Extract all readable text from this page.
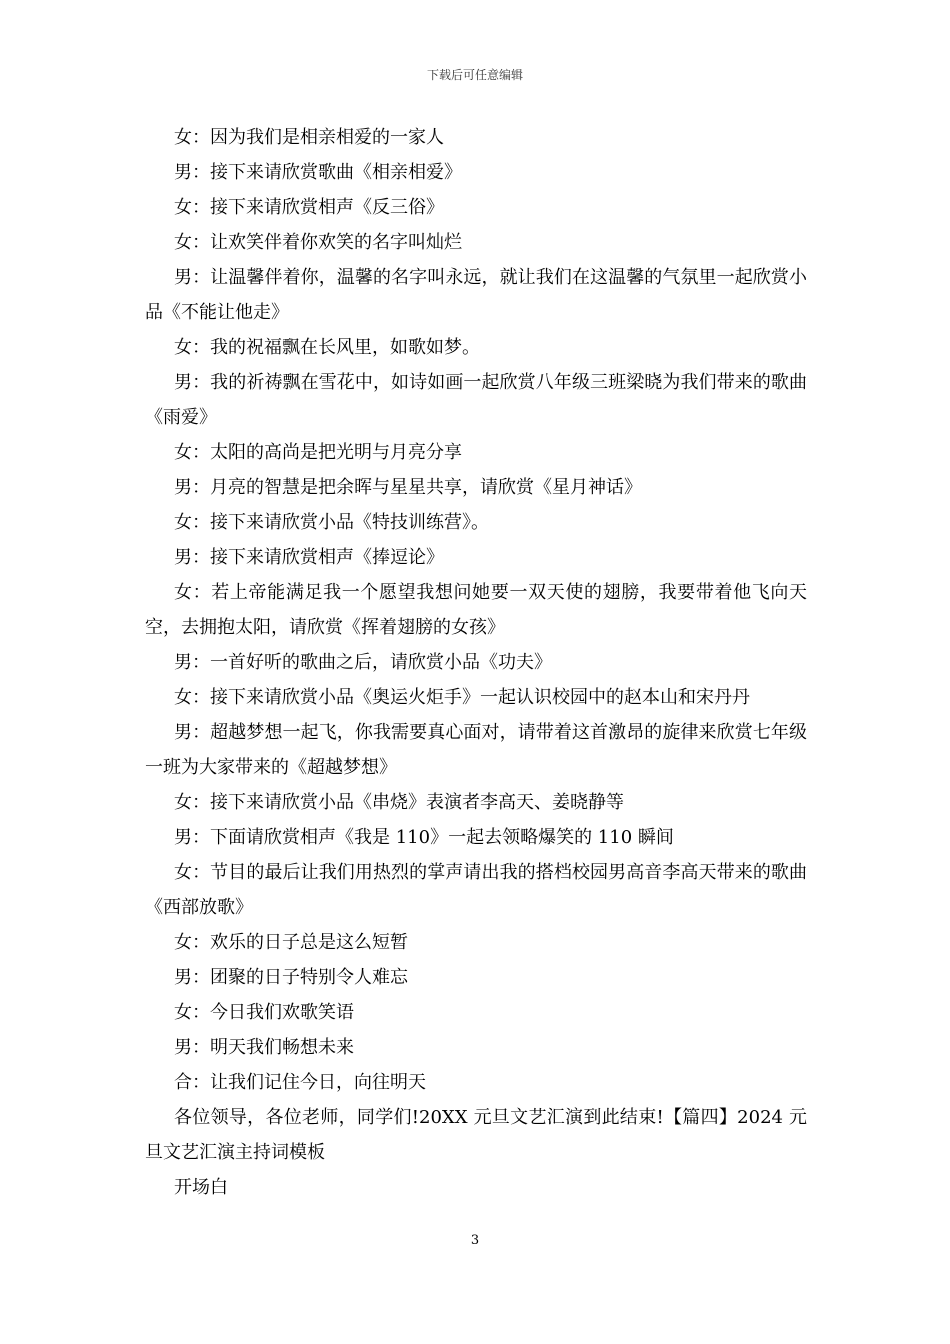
下载后可任意编辑

女：因为我们是相亲相爱的一家人

男：接下来请欣赏歌曲《相亲相爱》

女：接下来请欣赏相声《反三俗》

女：让欢笑伴着你欢笑的名字叫灿烂

男：让温馨伴着你，温馨的名字叫永远，就让我们在这温馨的气氛里一起欣赏小品《不能让他走》

女：我的祝福飘在长风里，如歌如梦。

男：我的祈祷飘在雪花中，如诗如画一起欣赏八年级三班梁晓为我们带来的歌曲《雨爱》

女：太阳的高尚是把光明与月亮分享

男：月亮的智慧是把余晖与星星共享，请欣赏《星月神话》

女：接下来请欣赏小品《特技训练营》。

男：接下来请欣赏相声《捧逗论》

女：若上帝能满足我一个愿望我想问她要一双天使的翅膀，我要带着他飞向天空，去拥抱太阳，请欣赏《挥着翅膀的女孩》

男：一首好听的歌曲之后，请欣赏小品《功夫》

女：接下来请欣赏小品《奥运火炬手》一起认识校园中的赵本山和宋丹丹

男：超越梦想一起飞，你我需要真心面对，请带着这首激昂的旋律来欣赏七年级一班为大家带来的《超越梦想》

女：接下来请欣赏小品《串烧》表演者李高天、姜晓静等

男：下面请欣赏相声《我是 110》一起去领略爆笑的 110 瞬间

女：节目的最后让我们用热烈的掌声请出我的搭档校园男高音李高天带来的歌曲《西部放歌》

女：欢乐的日子总是这么短暂

男：团聚的日子特别令人难忘

女：今日我们欢歌笑语

男：明天我们畅想未来

合：让我们记住今日，向往明天

各位领导，各位老师，同学们!20XX 元旦文艺汇演到此结束!【篇四】2024 元旦文艺汇演主持词模板

开场白

3
